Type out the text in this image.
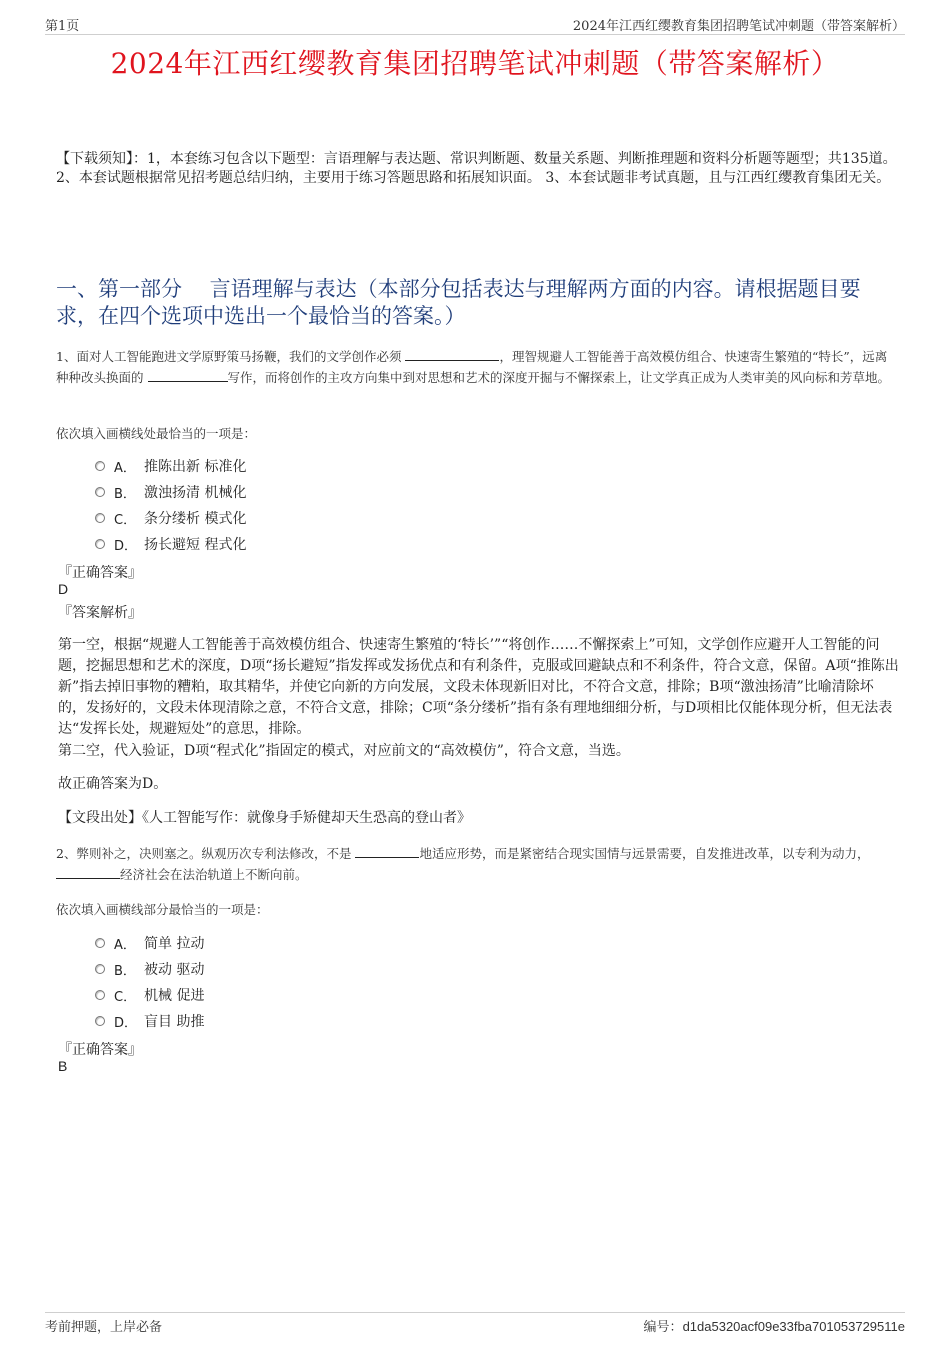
第1页	2024年江西红缨教育集团招聘笔试冲刺题（带答案解析）
2024年江西红缨教育集团招聘笔试冲刺题（带答案解析）
【下载须知】：1，本套练习包含以下题型：言语理解与表达题、常识判断题、数量关系题、判断推理题和资料分析题等题型；共135道。 2、本套试题根据常见招考题总结归纳，主要用于练习答题思路和拓展知识面。 3、本套试题非考试真题，且与江西红缨教育集团无关。
一、第一部分　 言语理解与表达（本部分包括表达与理解两方面的内容。请根据题目要求，在四个选项中选出一个最恰当的答案。）
1、面对人工智能跑进文学原野策马扬鞭，我们的文学创作必须	，理智规避人工智能善于高效模仿组合、快速寄生繁殖的“特长”，远离种种改头换面的	写作，而将创作的主攻方向集中到对思想和艺术的深度开掘与不懈探索上，让文学真正成为人类审美的风向标和芳草地。
依次填入画横线处最恰当的一项是：
A． 推陈出新 标准化
B． 激浊扬清 机械化
C． 条分缕析 模式化
D． 扬长避短 程式化
『正确答案』
D
『答案解析』
第一空，根据“规避人工智能善于高效模仿组合、快速寄生繁殖的‘特长’”“将创作……不懈探索上”可知，文学创作应避开人工智能的问题，挖掘思想和艺术的深度，D项“扬长避短”指发挥或发扬优点和有利条件，克服或回避缺点和不利条件，符合文意，保留。A项“推陈出新”指去掉旧事物的糟粕，取其精华，并使它向新的方向发展，文段未体现新旧对比，不符合文意，排除；B项“激浊扬清”比喻清除坏的，发扬好的，文段未体现清除之意，不符合文意，排除；C项“条分缕析”指有条有理地细细分析，与D项相比仅能体现分析，但无法表达“发挥长处，规避短处”的意思，排除。
第二空，代入验证，D项“程式化”指固定的模式，对应前文的“高效模仿”，符合文意，当选。
故正确答案为D。
【文段出处】《人工智能写作：就像身手矫健却天生恐高的登山者》
2、弊则补之，决则塞之。纵观历次专利法修改，不是	地适应形势，而是紧密结合现实国情与远景需要，自发推进改革，以专利为动力， 经济社会在法治轨道上不断向前。
依次填入画横线部分最恰当的一项是：
A． 简单 拉动
B． 被动 驱动
C． 机械 促进
D． 盲目 助推
『正确答案』
B
考前押题，上岸必备	编号：d1da5320acf09e33fba701053729511e
